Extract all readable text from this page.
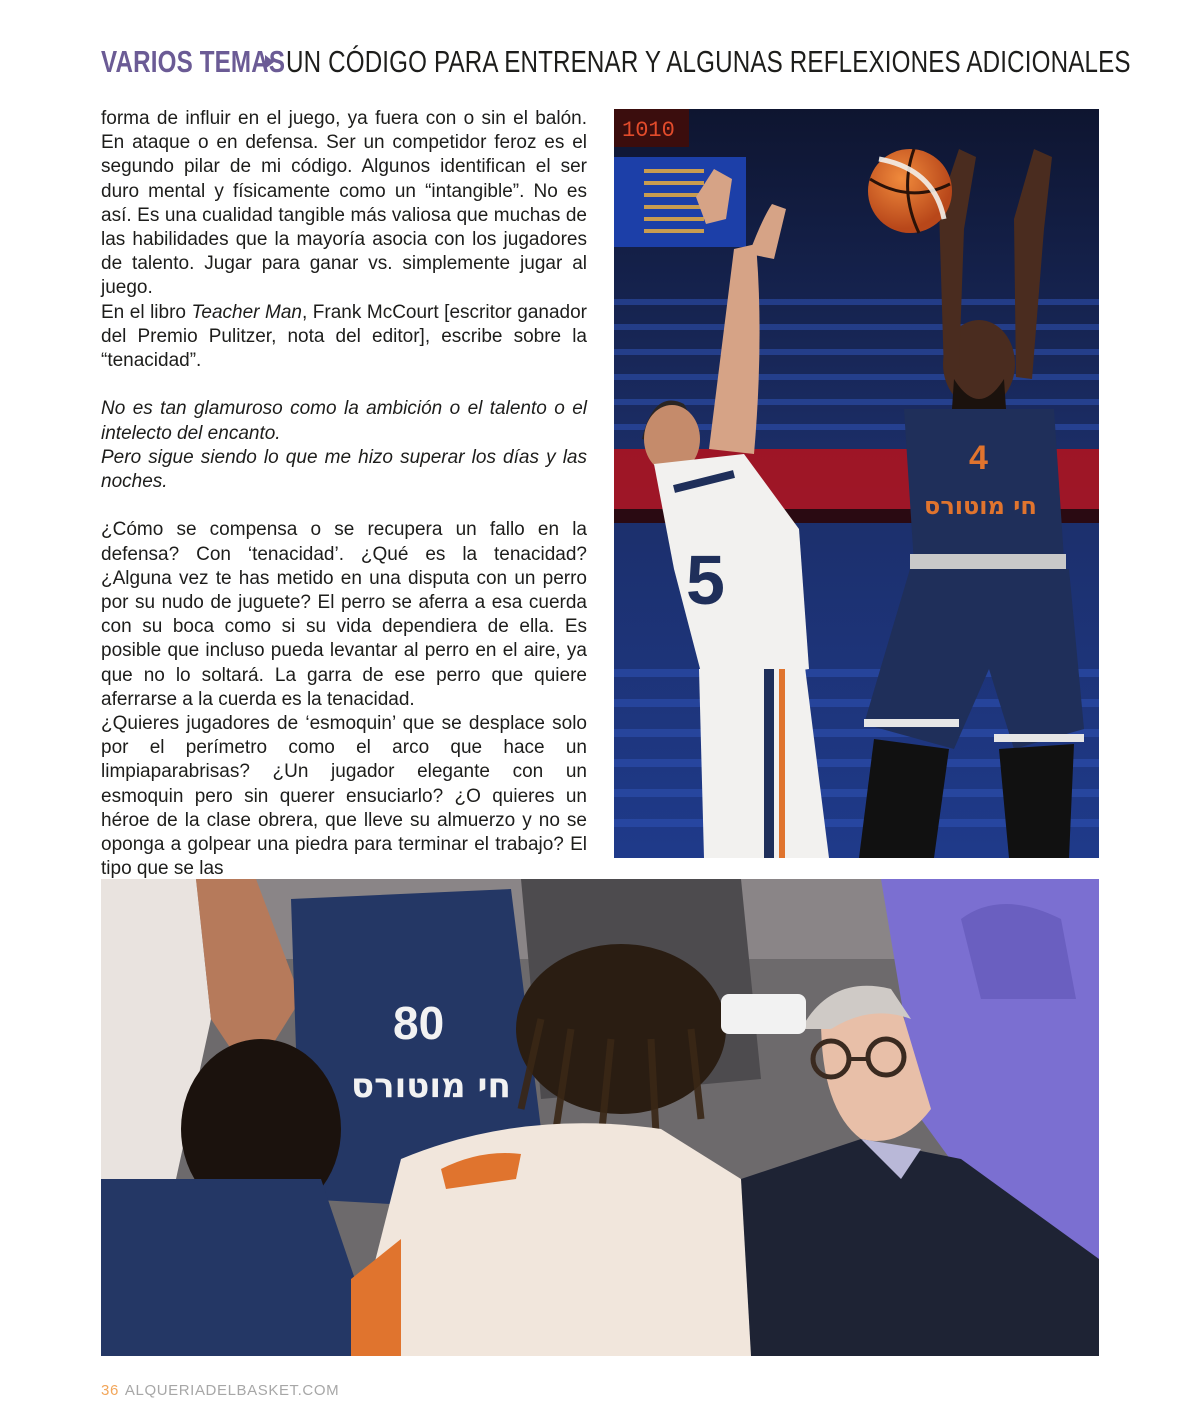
VARIOS TEMAS UN CÓDIGO PARA ENTRENAR Y ALGUNAS REFLEXIONES ADICIONALES

forma de influir en el juego, ya fuera con o sin el balón. En ataque o en defensa. Ser un competidor feroz es el segundo pilar de mi código. Algunos identifican el ser duro mental y físicamente como un “intangible”. No es así. Es una cualidad tangible más valiosa que muchas de las habilidades que la mayoría asocia con los jugadores de talento. Jugar para ganar vs. simplemente jugar al juego.

En el libro Teacher Man, Frank McCourt [escritor ganador del Premio Pulitzer, nota del editor], escribe sobre la “tenacidad”.

No es tan glamuroso como la ambición o el talento o el intelecto del encanto.

Pero sigue siendo lo que me hizo superar los días y las noches.

¿Cómo se compensa o se recupera un fallo en la defensa? Con ‘tenacidad’. ¿Qué es la tenacidad? ¿Alguna vez te has metido en una disputa con un perro por su nudo de juguete? El perro se aferra a esa cuerda con su boca como si su vida dependiera de ella. Es posible que incluso pueda levantar al perro en el aire, ya que no lo soltará. La garra de ese perro que quiere aferrarse a la cuerda es la tenacidad.

¿Quieres jugadores de ‘esmoquin’ que se desplace solo por el perímetro como el arco que hace un limpiaparabrisas? ¿Un jugador elegante con un esmoquin pero sin querer ensuciarlo? ¿O quieres un héroe de la clase obrera, que lleve su almuerzo y no se oponga a golpear una piedra para terminar el trabajo? El tipo que se las

1010
5
4
חי מוטורס
80
חי מוטורס
36 ALQUERIADELBASKET.COM
